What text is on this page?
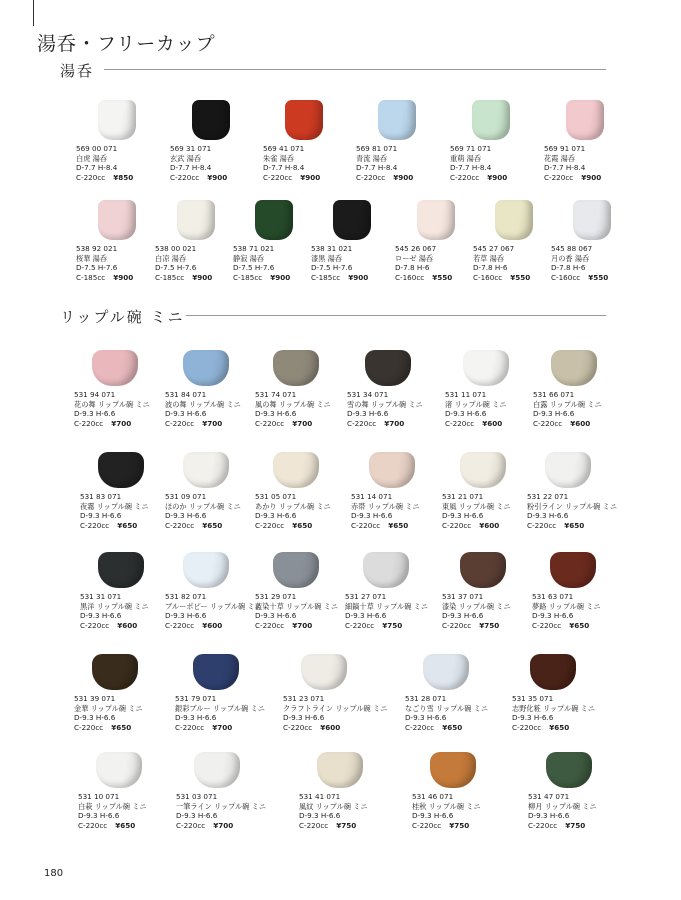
湯呑・フリーカップ
湯呑
リップル碗 ミニ
569 00 071
白虎 湯呑
D-7.7 H-8.4
C-220cc ¥850
569 31 071
玄武 湯呑
D-7.7 H-8.4
C-220cc ¥900
569 41 071
朱雀 湯呑
D-7.7 H-8.4
C-220cc ¥900
569 81 071
青流 湯呑
D-7.7 H-8.4
C-220cc ¥900
569 71 071
重萌 湯呑
D-7.7 H-8.4
C-220cc ¥900
569 91 071
花霞 湯呑
D-7.7 H-8.4
C-220cc ¥900
538 92 021
桜華 湯呑
D-7.5 H-7.6
C-185cc ¥900
538 00 021
白凉 湯呑
D-7.5 H-7.6
C-185cc ¥900
538 71 021
静寂 湯呑
D-7.5 H-7.6
C-185cc ¥900
538 31 021
漆黒 湯呑
D-7.5 H-7.6
C-185cc ¥900
545 26 067
ローゼ 湯呑
D-7.8 H-6
C-160cc ¥550
545 27 067
若草 湯呑
D-7.8 H-6
C-160cc ¥550
545 88 067
月の香 湯呑
D-7.8 H-6
C-160cc ¥550
531 94 071
花の舞 リップル碗 ミニ
D-9.3 H-6.6
C-220cc ¥700
531 84 071
波の舞 リップル碗 ミニ
D-9.3 H-6.6
C-220cc ¥700
531 74 071
風の舞 リップル碗 ミニ
D-9.3 H-6.6
C-220cc ¥700
531 34 071
雪の舞 リップル碗 ミニ
D-9.3 H-6.6
C-220cc ¥700
531 11 071
渚 リップル碗 ミニ
D-9.3 H-6.6
C-220cc ¥600
531 66 071
白露 リップル碗 ミニ
D-9.3 H-6.6
C-220cc ¥600
531 83 071
夜霧 リップル碗 ミニ
D-9.3 H-6.6
C-220cc ¥650
531 09 071
ほのか リップル碗 ミニ
D-9.3 H-6.6
C-220cc ¥650
531 05 071
あかり リップル碗 ミニ
D-9.3 H-6.6
C-220cc ¥650
531 14 071
赤帯 リップル碗 ミニ
D-9.3 H-6.6
C-220cc ¥650
531 21 071
東風 リップル碗 ミニ
D-9.3 H-6.6
C-220cc ¥600
531 22 071
粉引ライン リップル碗 ミニ
D-9.3 H-6.6
C-220cc ¥650
531 31 071
黒洋 リップル碗 ミニ
D-9.3 H-6.6
C-220cc ¥600
531 82 071
ブルーポピー リップル碗 ミニ
D-9.3 H-6.6
C-220cc ¥600
531 29 071
藍染十草 リップル碗 ミニ
D-9.3 H-6.6
C-220cc ¥700
531 27 071
細鎬十草 リップル碗 ミニ
D-9.3 H-6.6
C-220cc ¥750
531 37 071
漆染 リップル碗 ミニ
D-9.3 H-6.6
C-220cc ¥750
531 63 071
夢路 リップル碗 ミニ
D-9.3 H-6.6
C-220cc ¥650
531 39 071
金華 リップル碗 ミニ
D-9.3 H-6.6
C-220cc ¥650
531 79 071
銀彩ブルー リップル碗 ミニ
D-9.3 H-6.6
C-220cc ¥700
531 23 071
クラフトライン リップル碗 ミニ
D-9.3 H-6.6
C-220cc ¥600
531 28 071
なごり雪 リップル碗 ミニ
D-9.3 H-6.6
C-220cc ¥650
531 35 071
志野化粧 リップル碗 ミニ
D-9.3 H-6.6
C-220cc ¥650
531 10 071
白萩 リップル碗 ミニ
D-9.3 H-6.6
C-220cc ¥650
531 03 071
一筆ライン リップル碗 ミニ
D-9.3 H-6.6
C-220cc ¥700
531 41 071
風紋 リップル碗 ミニ
D-9.3 H-6.6
C-220cc ¥750
531 46 071
桂秋 リップル碗 ミニ
D-9.3 H-6.6
C-220cc ¥750
531 47 071
柳月 リップル碗 ミニ
D-9.3 H-6.6
C-220cc ¥750
180
